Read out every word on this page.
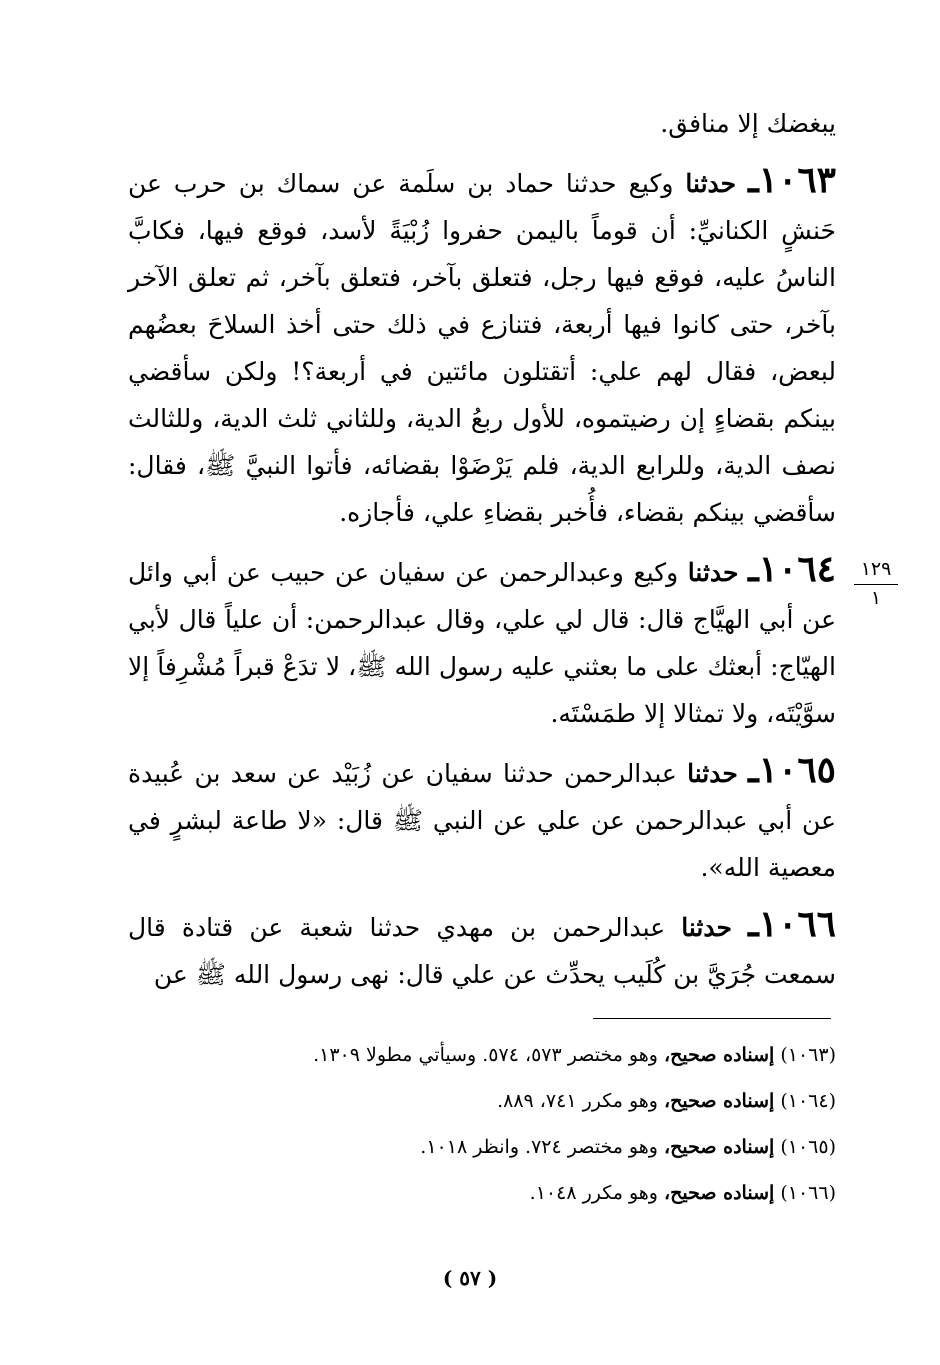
يبغضك إلا منافق.

١٠٦٣ـ حدثنا وكيع حدثنا حماد بن سلَمة عن سماك بن حرب عن حَنشٍ الكنانيِّ: أن قوماً باليمن حفروا زُبْيَةً لأسد، فوقع فيها، فكابَّ الناسُ عليه، فوقع فيها رجل، فتعلق بآخر، فتعلق بآخر، ثم تعلق الآخر بآخر، حتى كانوا فيها أربعة، فتنازع في ذلك حتى أخذ السلاحَ بعضُهم لبعض، فقال لهم علي: أتقتلون مائتين في أربعة؟! ولكن سأقضي بينكم بقضاءٍ إن رضيتموه، للأول ربعُ الدية، وللثاني ثلث الدية، وللثالث نصف الدية، وللرابع الدية، فلم يَرْضَوْا بقضائه، فأتوا النبيَّ ﷺ، فقال: سأقضي بينكم بقضاء، فأُخبر بقضاءِ علي، فأجازه.

١٠٦٤ـ حدثنا وكيع وعبدالرحمن عن سفيان عن حبيب عن أبي وائل عن أبي الهيَّاج قال: قال لي علي، وقال عبدالرحمن: أن علياً قال لأبي الهيّاج: أبعثك على ما بعثني عليه رسول الله ﷺ، لا تدَعْ قبراً مُشْرِفاً إلا سوَّيْتَه، ولا تمثالا إلا طمَسْتَه.

١٠٦٥ـ حدثنا عبدالرحمن حدثنا سفيان عن زُبَيْد عن سعد بن عُبيدة عن أبي عبدالرحمن عن علي عن النبي ﷺ قال: «لا طاعة لبشرٍ في معصية الله».

١٠٦٦ـ حدثنا عبدالرحمن بن مهدي حدثنا شعبة عن قتادة قال سمعت جُرَيَّ بن كُلَيب يحدِّث عن علي قال: نهى رسول الله ﷺ عن

١٢٩
١
(١٠٦٣) إسناده صحيح، وهو مختصر ٥٧٣، ٥٧٤. وسيأتي مطولا ١٣٠٩.
(١٠٦٤) إسناده صحيح، وهو مكرر ٧٤١، ٨٨٩.
(١٠٦٥) إسناده صحيح، وهو مختصر ٧٢٤. وانظر ١٠١٨.
(١٠٦٦) إسناده صحيح، وهو مكرر ١٠٤٨.
( ٥٧ )
